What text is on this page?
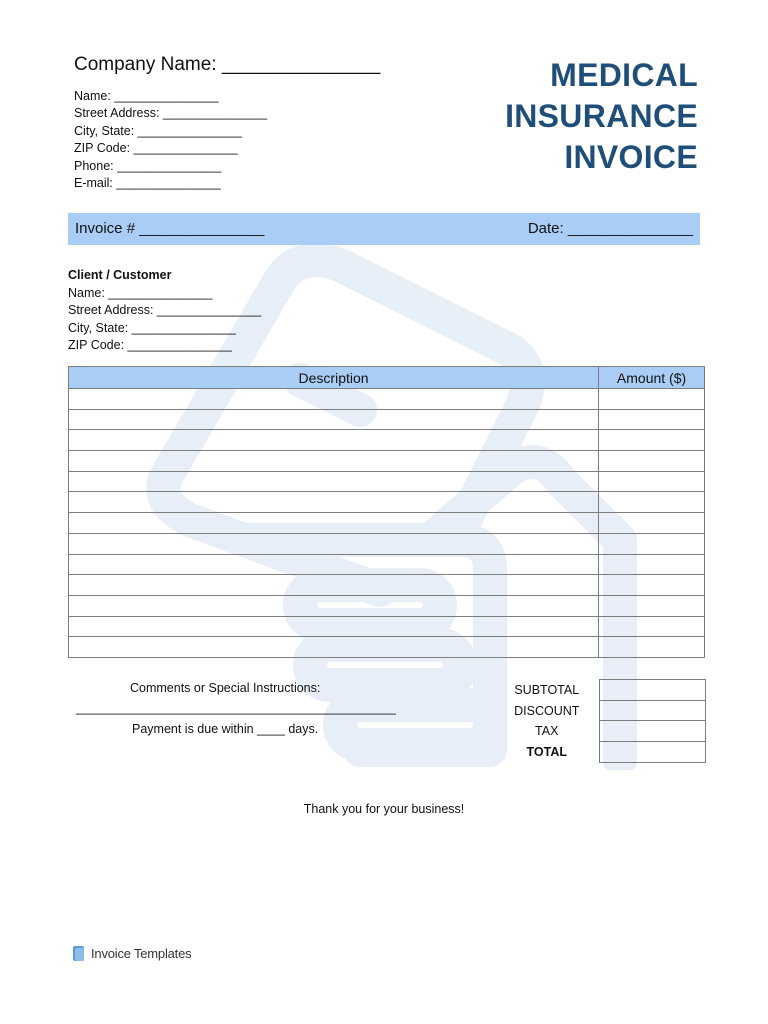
Company Name: _______________
Name: _______________
Street Address: _______________
City, State: _______________
ZIP Code: _______________
Phone: _______________
E-mail: _______________
MEDICAL
INSURANCE
INVOICE
Invoice # _______________	Date: _______________
Client / Customer
Name: _______________
Street Address: _______________
City, State: _______________
ZIP Code: _______________
Description	Amount ($)

Comments or Special Instructions:
______________________________________________
Payment is due within ____ days.
SUBTOTAL	
DISCOUNT	
TAX	
TOTAL	
Thank you for your business!
Invoice Templates
